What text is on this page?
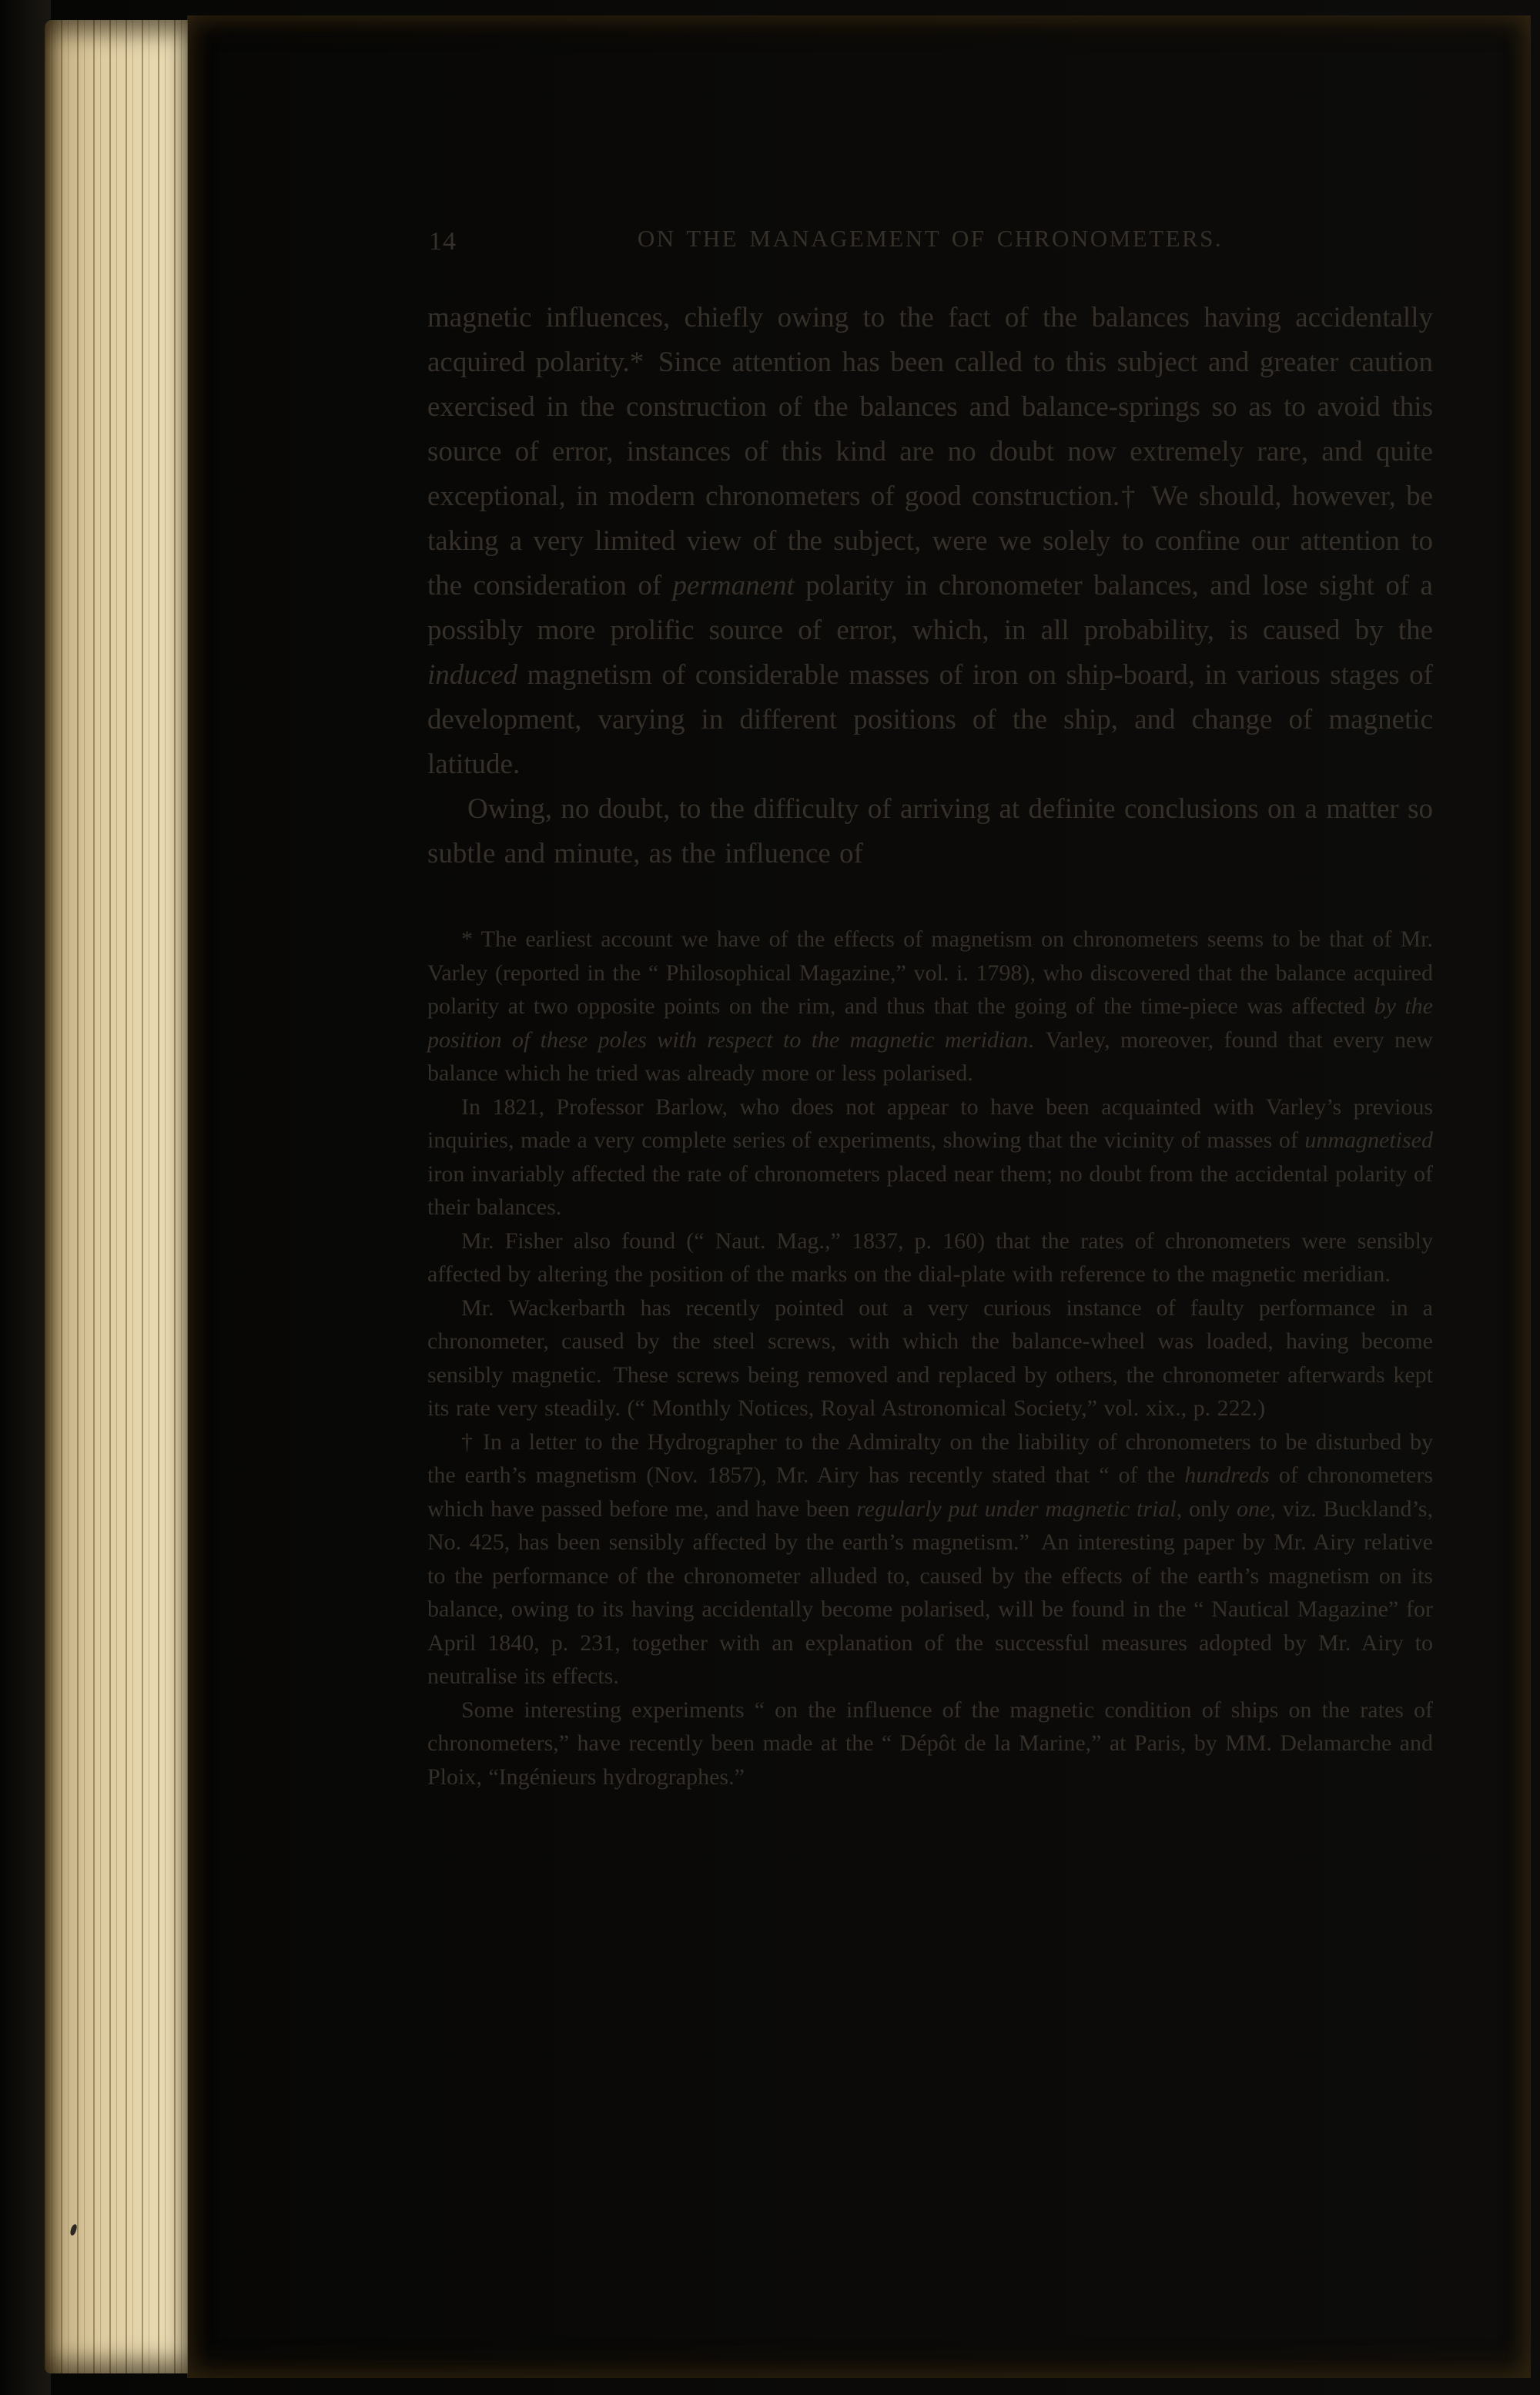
14	ON THE MANAGEMENT OF CHRONOMETERS.

magnetic influences, chiefly owing to the fact of the balances having accidentally acquired polarity.* Since attention has been called to this subject and greater caution exercised in the construction of the balances and balance-springs so as to avoid this source of error, instances of this kind are no doubt now extremely rare, and quite exceptional, in modern chronometers of good construction.† We should, however, be taking a very limited view of the subject, were we solely to confine our attention to the consideration of permanent polarity in chronometer balances, and lose sight of a possibly more prolific source of error, which, in all probability, is caused by the induced magnetism of considerable masses of iron on ship-board, in various stages of development, varying in different positions of the ship, and change of magnetic latitude.

Owing, no doubt, to the difficulty of arriving at definite conclusions on a matter so subtle and minute, as the influence of

* The earliest account we have of the effects of magnetism on chronometers seems to be that of Mr. Varley (reported in the “ Philosophical Magazine,” vol. i. 1798), who discovered that the balance acquired polarity at two opposite points on the rim, and thus that the going of the time-piece was affected by the position of these poles with respect to the magnetic meridian. Varley, moreover, found that every new balance which he tried was already more or less polarised.

In 1821, Professor Barlow, who does not appear to have been acquainted with Varley’s previous inquiries, made a very complete series of experiments, showing that the vicinity of masses of unmagnetised iron invariably affected the rate of chronometers placed near them; no doubt from the accidental polarity of their balances.

Mr. Fisher also found (“ Naut. Mag.,” 1837, p. 160) that the rates of chronometers were sensibly affected by altering the position of the marks on the dial-plate with reference to the magnetic meridian.

Mr. Wackerbarth has recently pointed out a very curious instance of faulty performance in a chronometer, caused by the steel screws, with which the balance-wheel was loaded, having become sensibly magnetic. These screws being removed and replaced by others, the chronometer afterwards kept its rate very steadily. (“ Monthly Notices, Royal Astronomical Society,” vol. xix., p. 222.)

† In a letter to the Hydrographer to the Admiralty on the liability of chronometers to be disturbed by the earth’s magnetism (Nov. 1857), Mr. Airy has recently stated that “ of the hundreds of chronometers which have passed before me, and have been regularly put under magnetic trial, only one, viz. Buckland’s, No. 425, has been sensibly affected by the earth’s magnetism.” An interesting paper by Mr. Airy relative to the performance of the chronometer alluded to, caused by the effects of the earth’s magnetism on its balance, owing to its having accidentally become polarised, will be found in the “ Nautical Magazine” for April 1840, p. 231, together with an explanation of the successful measures adopted by Mr. Airy to neutralise its effects.

Some interesting experiments “ on the influence of the magnetic condition of ships on the rates of chronometers,” have recently been made at the “ Dépôt de la Marine,” at Paris, by MM. Delamarche and Ploix, “Ingénieurs hydrographes.”
